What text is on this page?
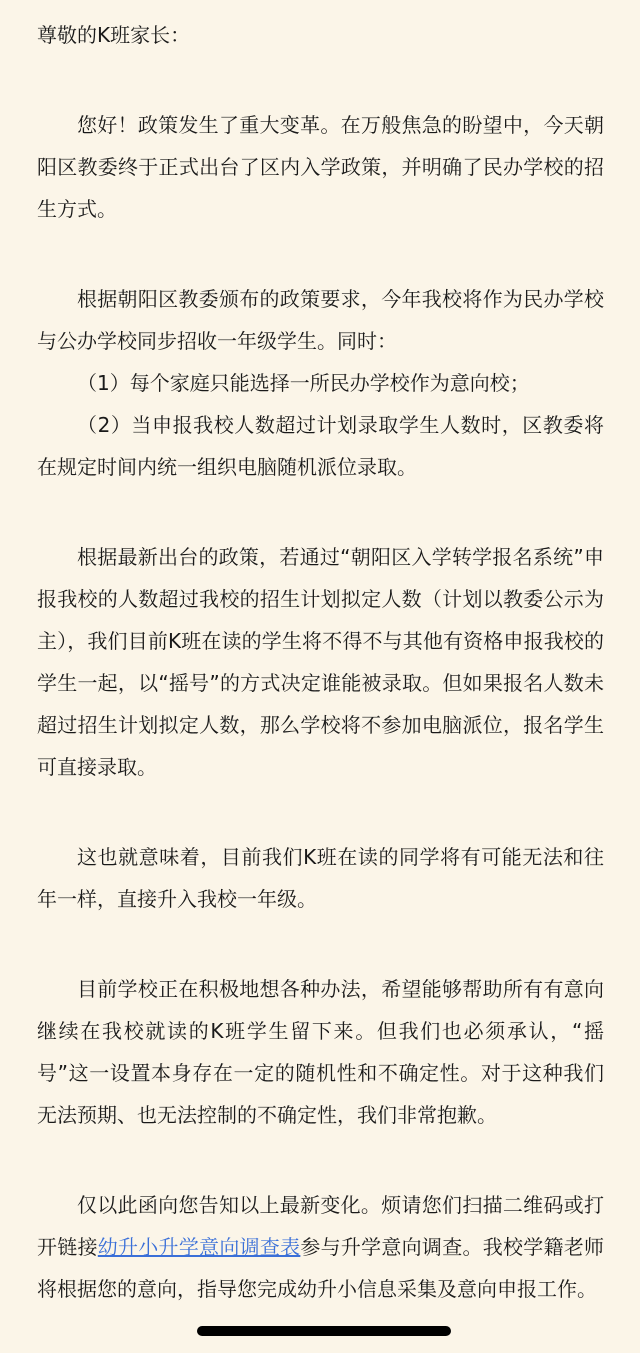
尊敬的K班家长：

您好！政策发生了重大变革。在万般焦急的盼望中，今天朝阳区教委终于正式出台了区内入学政策，并明确了民办学校的招生方式。

根据朝阳区教委颁布的政策要求，今年我校将作为民办学校与公办学校同步招收一年级学生。同时：

（1）每个家庭只能选择一所民办学校作为意向校；

（2）当申报我校人数超过计划录取学生人数时，区教委将在规定时间内统一组织电脑随机派位录取。

根据最新出台的政策，若通过“朝阳区入学转学报名系统”申报我校的人数超过我校的招生计划拟定人数（计划以教委公示为主），我们目前K班在读的学生将不得不与其他有资格申报我校的学生一起，以“摇号”的方式决定谁能被录取。但如果报名人数未超过招生计划拟定人数，那么学校将不参加电脑派位，报名学生可直接录取。

这也就意味着，目前我们K班在读的同学将有可能无法和往年一样，直接升入我校一年级。

目前学校正在积极地想各种办法，希望能够帮助所有有意向继续在我校就读的K班学生留下来。但我们也必须承认，“摇号”这一设置本身存在一定的随机性和不确定性。对于这种我们无法预期、也无法控制的不确定性，我们非常抱歉。

仅以此函向您告知以上最新变化。烦请您们扫描二维码或打开链接幼升小升学意向调查表参与升学意向调查。我校学籍老师将根据您的意向，指导您完成幼升小信息采集及意向申报工作。
